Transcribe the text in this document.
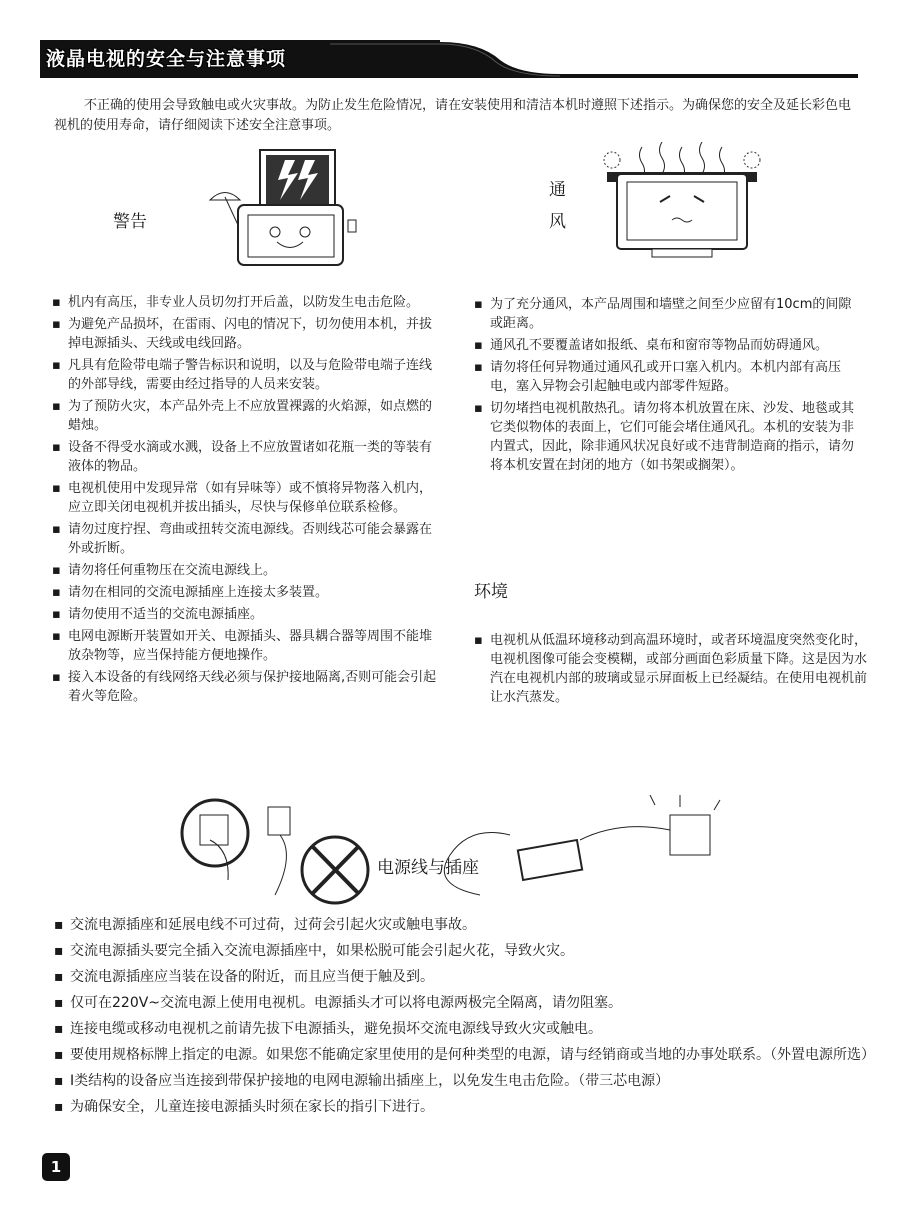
液晶电视的安全与注意事项

不正确的使用会导致触电或火灾事故。为防止发生危险情况，请在安装使用和清洁本机时遵照下述指示。为确保您的安全及延长彩色电视机的使用寿命，请仔细阅读下述安全注意事项。

警告
通
风
▪ 机内有高压，非专业人员切勿打开后盖，以防发生电击危险。
▪ 为避免产品损坏，在雷雨、闪电的情况下，切勿使用本机，并拔掉电源插头、天线或电线回路。
▪ 凡具有危险带电端子警告标识和说明，以及与危险带电端子连线的外部导线，需要由经过指导的人员来安装。
▪ 为了预防火灾，本产品外壳上不应放置裸露的火焰源，如点燃的蜡烛。
▪ 设备不得受水滴或水溅，设备上不应放置诸如花瓶一类的等装有液体的物品。
▪ 电视机使用中发现异常（如有异味等）或不慎将异物落入机内，应立即关闭电视机并拔出插头，尽快与保修单位联系检修。
▪ 请勿过度拧捏、弯曲或扭转交流电源线。否则线芯可能会暴露在外或折断。
▪ 请勿将任何重物压在交流电源线上。
▪ 请勿在相同的交流电源插座上连接太多装置。
▪ 请勿使用不适当的交流电源插座。
▪ 电网电源断开装置如开关、电源插头、器具耦合器等周围不能堆放杂物等，应当保持能方便地操作。
▪ 接入本设备的有线网络天线必须与保护接地隔离,否则可能会引起着火等危险。
▪ 为了充分通风，本产品周围和墙壁之间至少应留有10cm的间隙或距离。
▪ 通风孔不要覆盖诸如报纸、桌布和窗帘等物品而妨碍通风。
▪ 请勿将任何异物通过通风孔或开口塞入机内。本机内部有高压电，塞入异物会引起触电或内部零件短路。
▪ 切勿堵挡电视机散热孔。请勿将本机放置在床、沙发、地毯或其它类似物体的表面上，它们可能会堵住通风孔。本机的安装为非内置式，因此，除非通风状况良好或不违背制造商的指示，请勿将本机安置在封闭的地方（如书架或搁架）。
环境
▪ 电视机从低温环境移动到高温环境时，或者环境温度突然变化时，电视机图像可能会变模糊，或部分画面色彩质量下降。这是因为水汽在电视机内部的玻璃或显示屏面板上已经凝结。在使用电视机前让水汽蒸发。
电源线与插座
▪ 交流电源插座和延展电线不可过荷，过荷会引起火灾或触电事故。
▪ 交流电源插头要完全插入交流电源插座中，如果松脱可能会引起火花，导致火灾。
▪ 交流电源插座应当装在设备的附近，而且应当便于触及到。
▪ 仅可在220V~交流电源上使用电视机。电源插头才可以将电源两极完全隔离，请勿阻塞。
▪ 连接电缆或移动电视机之前请先拔下电源插头，避免损坏交流电源线导致火灾或触电。
▪ 要使用规格标牌上指定的电源。如果您不能确定家里使用的是何种类型的电源，请与经销商或当地的办事处联系。（外置电源所选）
▪ Ⅰ类结构的设备应当连接到带保护接地的电网电源输出插座上，以免发生电击危险。（带三芯电源）
▪ 为确保安全，儿童连接电源插头时须在家长的指引下进行。
1
